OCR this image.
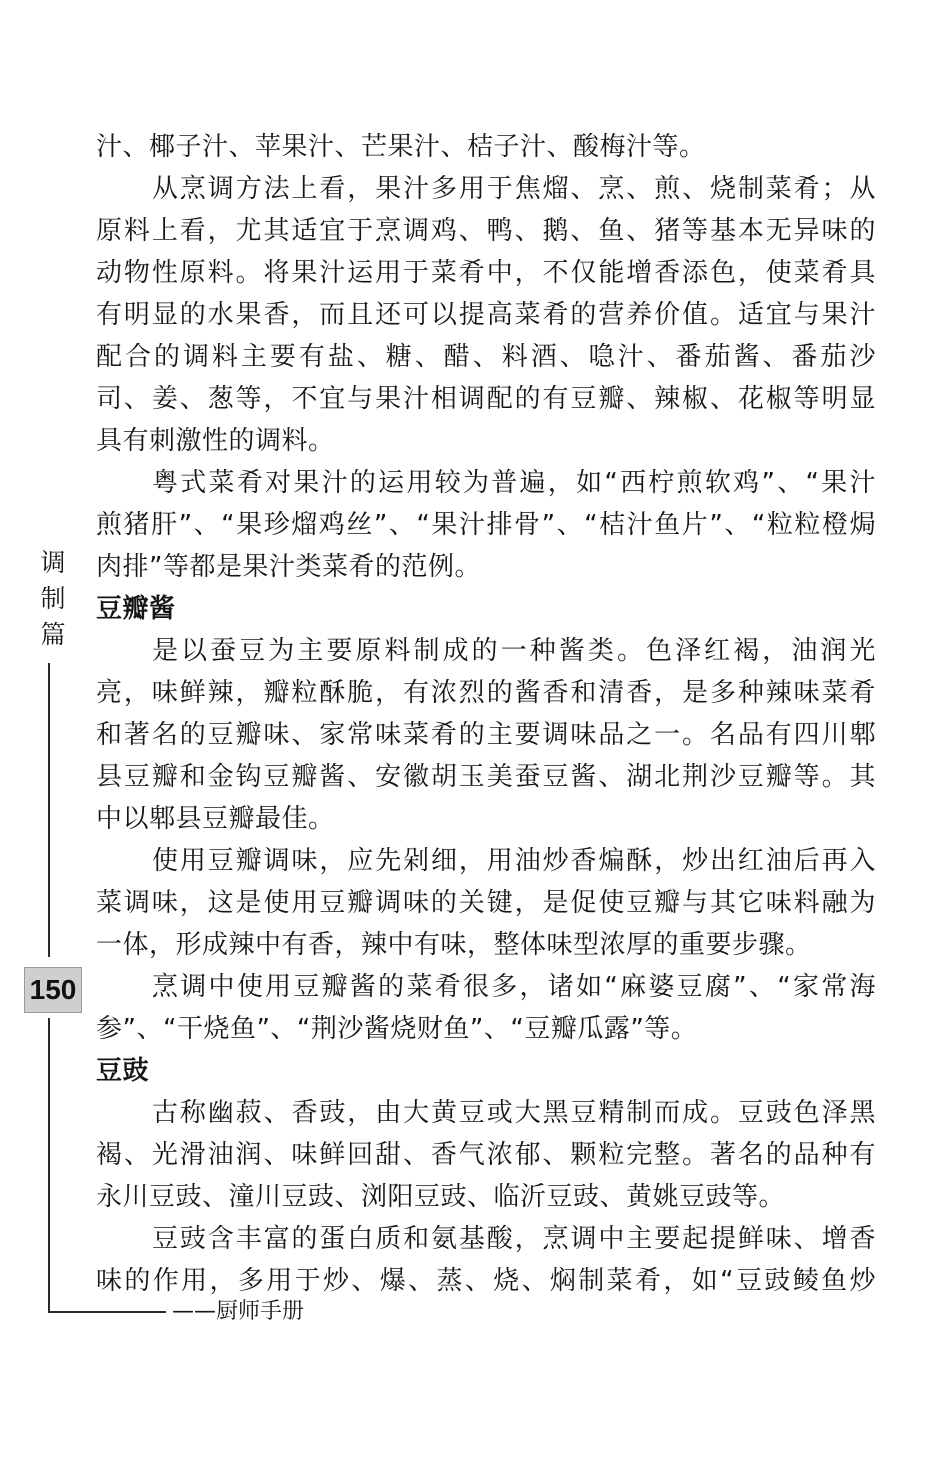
汁、椰子汁、苹果汁、芒果汁、桔子汁、酸梅汁等。
从烹调方法上看，果汁多用于焦熘、烹、煎、烧制菜肴；从
原料上看，尤其适宜于烹调鸡、鸭、鹅、鱼、猪等基本无异味的
动物性原料。将果汁运用于菜肴中，不仅能增香添色，使菜肴具
有明显的水果香，而且还可以提高菜肴的营养价值。适宜与果汁
配合的调料主要有盐、糖、醋、料酒、喼汁、番茄酱、番茄沙
司、姜、葱等，不宜与果汁相调配的有豆瓣、辣椒、花椒等明显
具有刺激性的调料。
粤式菜肴对果汁的运用较为普遍，如“西柠煎软鸡”、“果汁
煎猪肝”、“果珍熘鸡丝”、“果汁排骨”、“桔汁鱼片”、“粒粒橙焗
肉排”等都是果汁类菜肴的范例。
豆瓣酱
是以蚕豆为主要原料制成的一种酱类。色泽红褐，油润光
亮，味鲜辣，瓣粒酥脆，有浓烈的酱香和清香，是多种辣味菜肴
和著名的豆瓣味、家常味菜肴的主要调味品之一。名品有四川郫
县豆瓣和金钩豆瓣酱、安徽胡玉美蚕豆酱、湖北荆沙豆瓣等。其
中以郫县豆瓣最佳。
使用豆瓣调味，应先剁细，用油炒香煸酥，炒出红油后再入
菜调味，这是使用豆瓣调味的关键，是促使豆瓣与其它味料融为
一体，形成辣中有香，辣中有味，整体味型浓厚的重要步骤。
烹调中使用豆瓣酱的菜肴很多，诸如“麻婆豆腐”、“家常海
参”、“干烧鱼”、“荆沙酱烧财鱼”、“豆瓣瓜露”等。
豆豉
古称幽菽、香豉，由大黄豆或大黑豆精制而成。豆豉色泽黑
褐、光滑油润、味鲜回甜、香气浓郁、颗粒完整。著名的品种有
永川豆豉、潼川豆豉、浏阳豆豉、临沂豆豉、黄姚豆豉等。
豆豉含丰富的蛋白质和氨基酸，烹调中主要起提鲜味、增香
味的作用，多用于炒、爆、蒸、烧、焖制菜肴，如“豆豉鲮鱼炒
调
制
篇
150
——厨师手册
